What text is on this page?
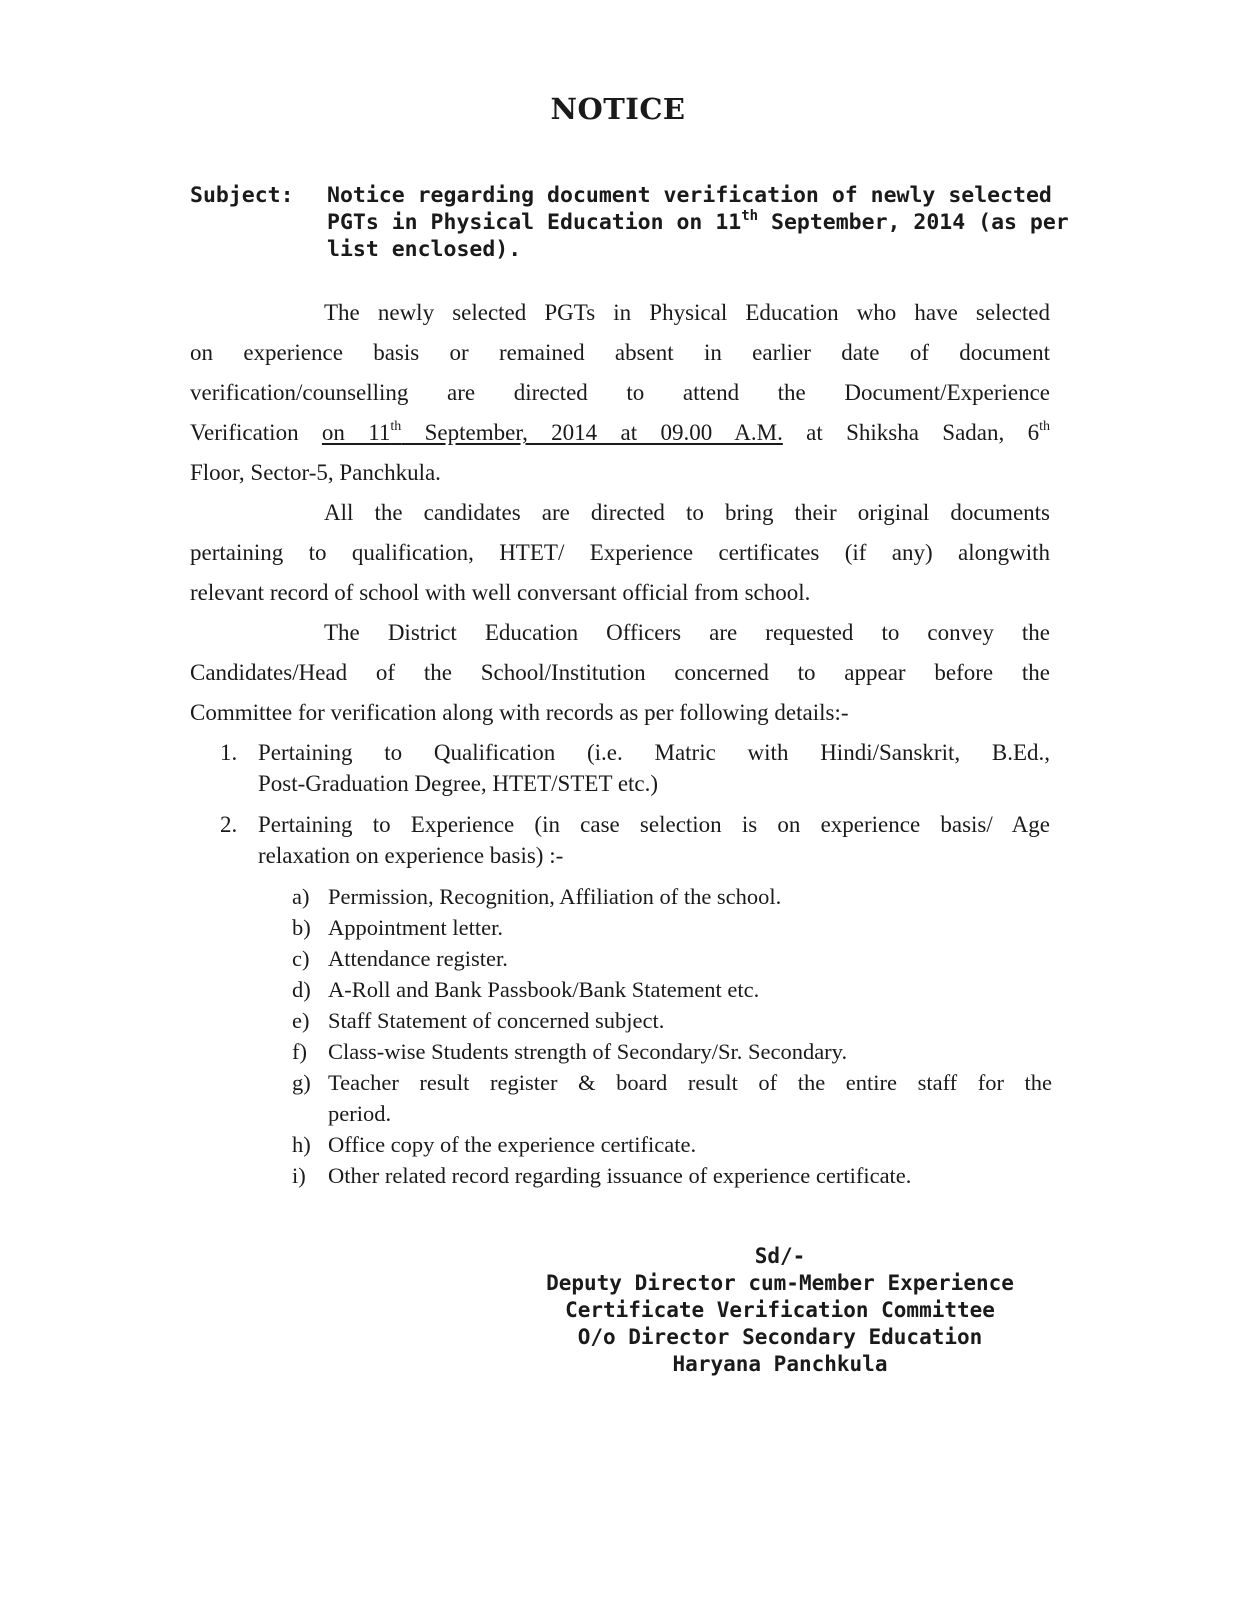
NOTICE
Subject: Notice regarding document verification of newly selected
PGTs in Physical Education on 11th September, 2014 (as per
list enclosed).
The newly selected PGTs in Physical Education who have selected
on experience basis or remained absent in earlier date of document
verification/counselling are directed to attend the Document/Experience
Verification on 11th September, 2014 at 09.00 A.M. at Shiksha Sadan, 6th
Floor, Sector-5, Panchkula.
All the candidates are directed to bring their original documents
pertaining to qualification, HTET/ Experience certificates (if any) alongwith
relevant record of school with well conversant official from school.
The District Education Officers are requested to convey the
Candidates/Head of the School/Institution concerned to appear before the
Committee for verification along with records as per following details:-
1. Pertaining to Qualification (i.e. Matric with Hindi/Sanskrit, B.Ed.,
Post-Graduation Degree, HTET/STET etc.)
2. Pertaining to Experience (in case selection is on experience basis/ Age
relaxation on experience basis) :-
a) Permission, Recognition, Affiliation of the school.
b) Appointment letter.
c) Attendance register.
d) A-Roll and Bank Passbook/Bank Statement etc.
e) Staff Statement of concerned subject.
f) Class-wise Students strength of Secondary/Sr. Secondary.
g) Teacher result register & board result of the entire staff for the
period.
h) Office copy of the experience certificate.
i) Other related record regarding issuance of experience certificate.
Sd/-
Deputy Director cum-Member Experience
Certificate Verification Committee
O/o Director Secondary Education
Haryana Panchkula
